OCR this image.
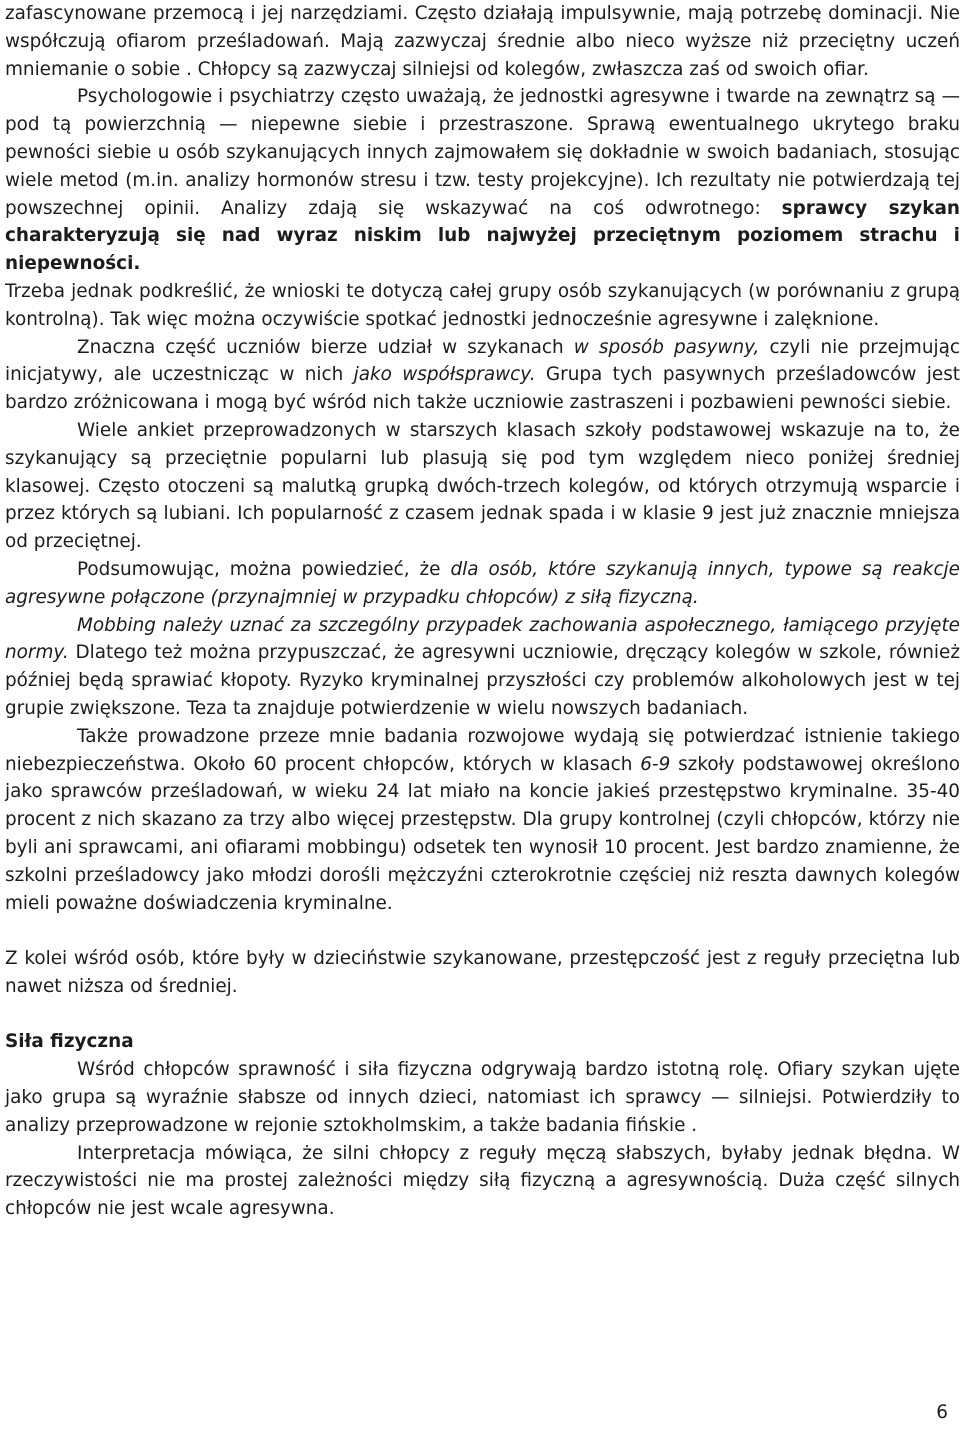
zafascynowane przemocą i jej narzędziami. Często działają impulsywnie, mają potrzebę dominacji. Nie współczują ofiarom prześladowań. Mają zazwyczaj średnie albo nieco wyższe niż przeciętny uczeń mniemanie o sobie . Chłopcy są zazwyczaj silniejsi od kolegów, zwłaszcza zaś od swoich ofiar.

Psychologowie i psychiatrzy często uważają, że jednostki agresywne i twarde na zewnątrz są — pod tą powierzchnią — niepewne siebie i przestraszone. Sprawą ewentualnego ukrytego braku pewności siebie u osób szykanujących innych zajmowałem się dokładnie w swoich badaniach, stosując wiele metod (m.in. analizy hormonów stresu i tzw. testy projekcyjne). Ich rezultaty nie potwierdzają tej powszechnej opinii. Analizy zdają się wskazywać na coś odwrotnego: sprawcy szykan charakteryzują się nad wyraz niskim lub najwyżej przeciętnym poziomem strachu i niepewności.

Trzeba jednak podkreślić, że wnioski te dotyczą całej grupy osób szykanujących (w porównaniu z grupą kontrolną). Tak więc można oczywiście spotkać jednostki jednocześnie agresywne i zalęknione.

Znaczna część uczniów bierze udział w szykanach w sposób pasywny, czyli nie przejmując inicjatywy, ale uczestnicząc w nich jako współsprawcy. Grupa tych pasywnych prześladowców jest bardzo zróżnicowana i mogą być wśród nich także uczniowie zastraszeni i pozbawieni pewności siebie.

Wiele ankiet przeprowadzonych w starszych klasach szkoły podstawowej wskazuje na to, że szykanujący są przeciętnie popularni lub plasują się pod tym względem nieco poniżej średniej klasowej. Często otoczeni są malutką grupką dwóch-trzech kolegów, od których otrzymują wsparcie i przez których są lubiani. Ich popularność z czasem jednak spada i w klasie 9 jest już znacznie mniejsza od przeciętnej.

Podsumowując, można powiedzieć, że dla osób, które szykanują innych, typowe są reakcje agresywne połączone (przynajmniej w przypadku chłopców) z siłą fizyczną.

Mobbing należy uznać za szczególny przypadek zachowania aspołecznego, łamiącego przyjęte normy. Dlatego też można przypuszczać, że agresywni uczniowie, dręczący kolegów w szkole, również później będą sprawiać kłopoty. Ryzyko kryminalnej przyszłości czy problemów alkoholowych jest w tej grupie zwiększone. Teza ta znajduje potwierdzenie w wielu nowszych badaniach.

Także prowadzone przeze mnie badania rozwojowe wydają się potwierdzać istnienie takiego niebezpieczeństwa. Około 60 procent chłopców, których w klasach 6-9 szkoły podstawowej określono jako sprawców prześladowań, w wieku 24 lat miało na koncie jakieś przestępstwo kryminalne. 35-40 procent z nich skazano za trzy albo więcej przestępstw. Dla grupy kontrolnej (czyli chłopców, którzy nie byli ani sprawcami, ani ofiarami mobbingu) odsetek ten wynosił 10 procent. Jest bardzo znamienne, że szkolni prześladowcy jako młodzi dorośli mężczyźni czterokrotnie częściej niż reszta dawnych kolegów mieli poważne doświadczenia kryminalne.

Z kolei wśród osób, które były w dzieciństwie szykanowane, przestępczość jest z reguły przeciętna lub nawet niższa od średniej.

Siła fizyczna

Wśród chłopców sprawność i siła fizyczna odgrywają bardzo istotną rolę. Ofiary szykan ujęte jako grupa są wyraźnie słabsze od innych dzieci, natomiast ich sprawcy — silniejsi. Potwierdziły to analizy przeprowadzone w rejonie sztokholmskim, a także badania fińskie .

Interpretacja mówiąca, że silni chłopcy z reguły męczą słabszych, byłaby jednak błędna. W rzeczywistości nie ma prostej zależności między siłą fizyczną a agresywnością. Duża część silnych chłopców nie jest wcale agresywna.

6
